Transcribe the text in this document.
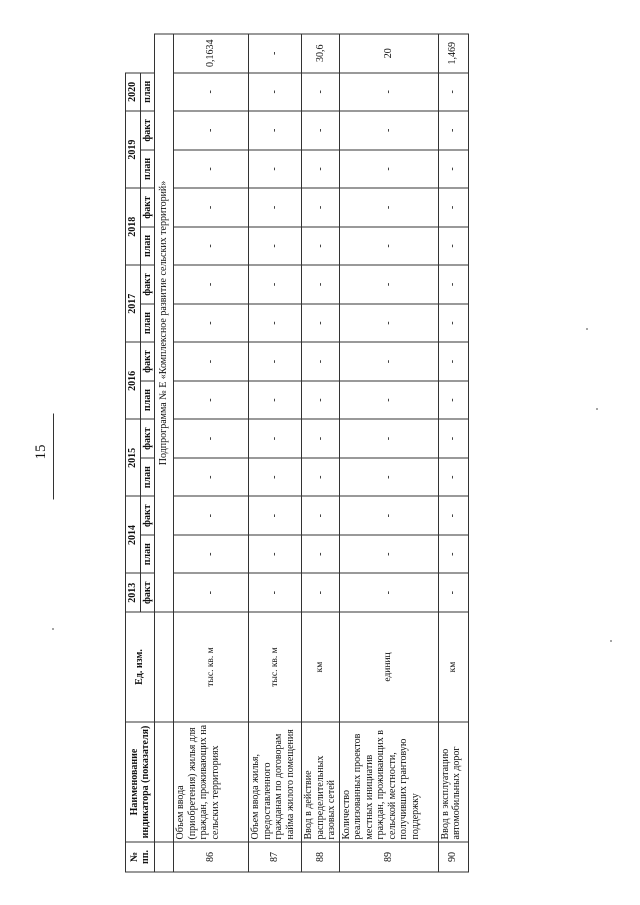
15
№ пп.	Наименование индикатора (показателя)	Ед. изм.	2013	2014		2015		2016		2017		2018		2019		2020	
			факт	план	факт	план	факт	план	факт	план	факт	план	факт	план	факт	план	
			Подпрограмма № Е «Комплексное развитие сельских территорий»														
86	Объем ввода (приобретения) жилья для граждан, проживающих на сельских территориях	тыс. кв. м	-	-	-	-	-	-	-	-	-	-	-	-	-	-	0,1634
87	Объем ввода жилья, предоставленного гражданам по договорам найма жилого помещения	тыс. кв. м	-	-	-	-	-	-	-	-	-	-	-	-	-	-	-
88	Ввод в действие распределительных газовых сетей	км	-	-	-	-	-	-	-	-	-	-	-	-	-	-	30,6
89	Количество реализованных проектов местных инициатив граждан, проживающих в сельской местности, получивших грантовую поддержку	единиц	-	-	-	-	-	-	-	-	-	-	-	-	-	-	20
90	Ввод в эксплуатацию автомобильных дорог	км	-	-	-	-	-	-	-	-	-	-	-	-	-	-	1,469
